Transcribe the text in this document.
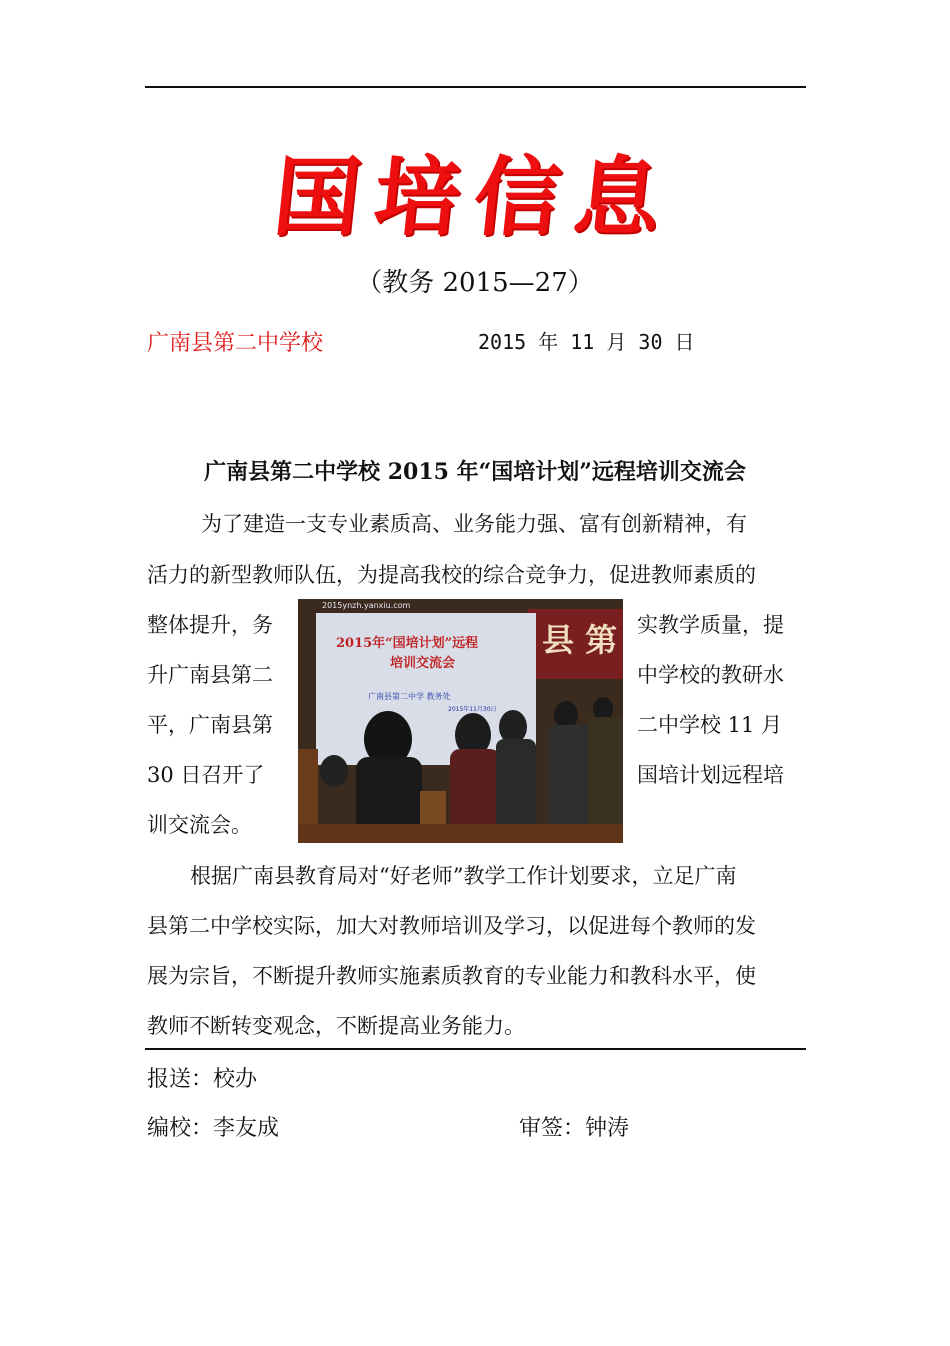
国培信息
（教务 2015—27）
广南县第二中学校	2015 年 11 月 30 日
广南县第二中学校 2015 年“国培计划”远程培训交流会
为了建造一支专业素质高、业务能力强、富有创新精神，有
活力的新型教师队伍，为提高我校的综合竞争力，促进教师素质的
整体提升，务
升广南县第二
平，广南县第
30 日召开了
训交流会。
实教学质量，提
中学校的教研水
二中学校 11 月
国培计划远程培
县 第
2015ynzh.yanxiu.com
2015年“国培计划”远程
培训交流会
广南县第二中学 教务处
2015年11月30日
根据广南县教育局对“好老师”教学工作计划要求，立足广南
县第二中学校实际，加大对教师培训及学习，以促进每个教师的发
展为宗旨，不断提升教师实施素质教育的专业能力和教科水平，使
教师不断转变观念，不断提高业务能力。
报送：校办
编校：李友成	审签：钟涛
